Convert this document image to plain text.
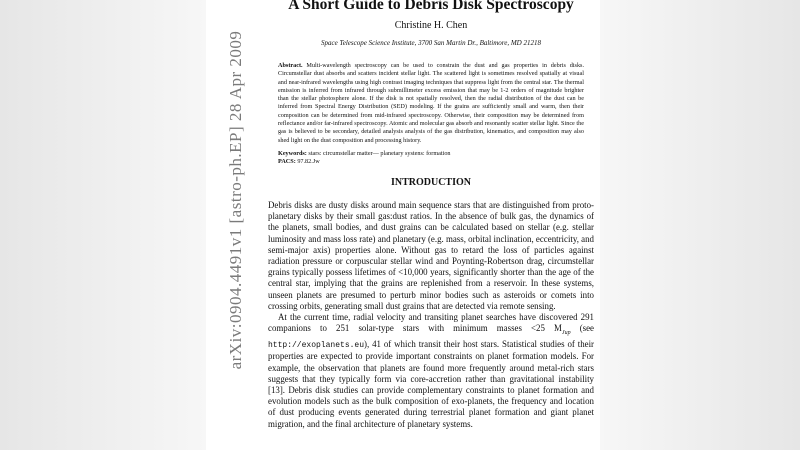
arXiv:0904.4491v1 [astro-ph.EP] 28 Apr 2009
A Short Guide to Debris Disk Spectroscopy
Christine H. Chen
Space Telescope Science Institute, 3700 San Martin Dr., Baltimore, MD 21218
Abstract. Multi-wavelength spectroscopy can be used to constrain the dust and gas properties in debris disks. Circumstellar dust absorbs and scatters incident stellar light. The scattered light is sometimes resolved spatially at visual and near-infrared wavelengths using high contrast imaging techniques that suppress light from the central star. The thermal emission is inferred from infrared through submillimeter excess emission that may be 1-2 orders of magnitude brighter than the stellar photosphere alone. If the disk is not spatially resolved, then the radial distribution of the dust can be inferred from Spectral Energy Distribution (SED) modeling. If the grains are sufficiently small and warm, then their composition can be determined from mid-infrared spectroscopy. Otherwise, their composition may be determined from reflectance and/or far-infrared spectroscopy. Atomic and molecular gas absorb and resonantly scatter stellar light. Since the gas is believed to be secondary, detailed analysis analysis of the gas distribution, kinematics, and composition may also shed light on the dust composition and processing history.
Keywords: stars: circumstellar matter— planetary systens: formation
PACS: 97.82.Jw
INTRODUCTION
Debris disks are dusty disks around main sequence stars that are distinguished from proto-planetary disks by their small gas:dust ratios. In the absence of bulk gas, the dynamics of the planets, small bodies, and dust grains can be calculated based on stellar (e.g. stellar luminosity and mass loss rate) and planetary (e.g. mass, orbital inclination, eccentricity, and semi-major axis) properties alone. Without gas to retard the loss of particles against radiation pressure or corpuscular stellar wind and Poynting-Robertson drag, circumstellar grains typically possess lifetimes of <10,000 years, significantly shorter than the age of the central star, implying that the grains are replenished from a reservoir. In these systems, unseen planets are presumed to perturb minor bodies such as asteroids or comets into crossing orbits, generating small dust grains that are detected via remote sensing.
At the current time, radial velocity and transiting planet searches have discovered 291 companions to 251 solar-type stars with minimum masses <25 $M_{Jup}$ (see http://exoplanets.eu), 41 of which transit their host stars. Statistical studies of their properties are expected to provide important constraints on planet formation models. For example, the observation that planets are found more frequently around metal-rich stars suggests that they typically form via core-accretion rather than gravitational instability [13]. Debris disk studies can provide complementary constraints to planet formation and evolution models such as the bulk composition of exo-planets, the frequency and location of dust producing events generated during terrestrial planet formation and giant planet migration, and the final architecture of planetary systems.
